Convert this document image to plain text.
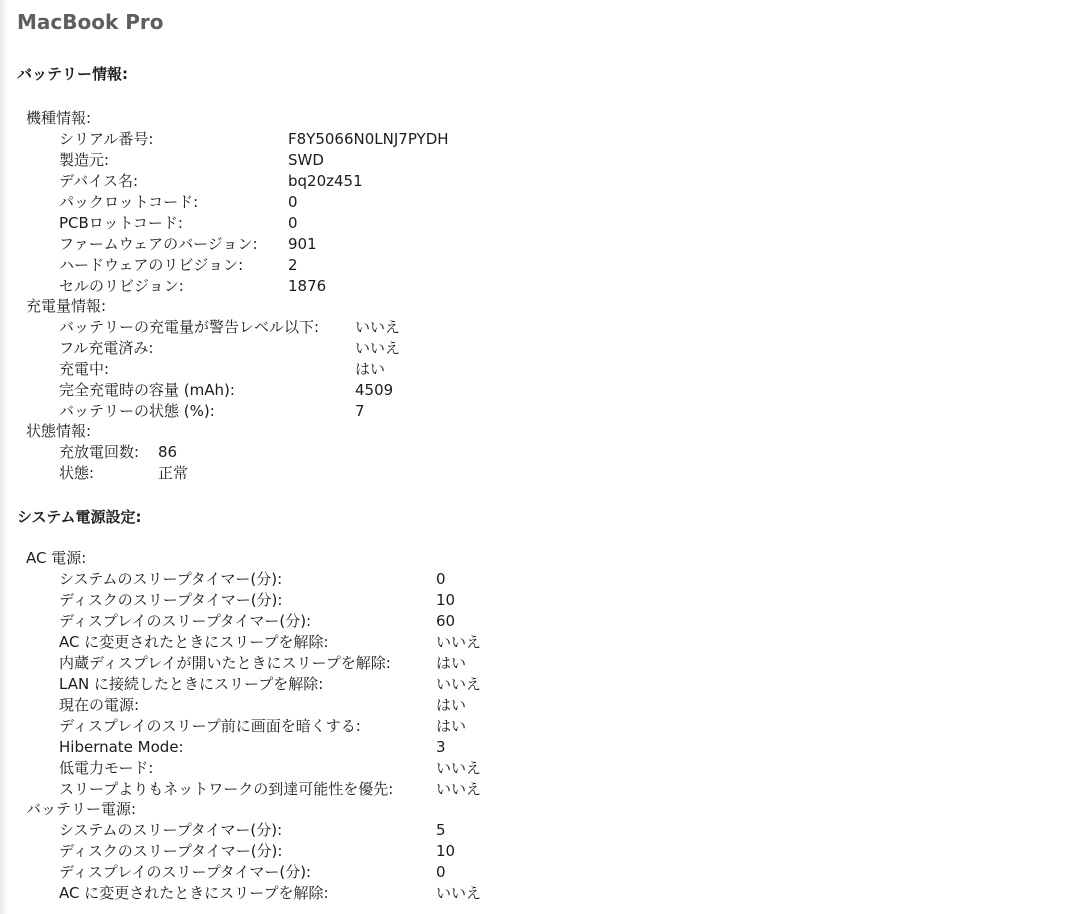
MacBook Pro
バッテリー情報:
機種情報:
シリアル番号:	F8Y5066N0LNJ7PYDH
製造元:	SWD
デバイス名:	bq20z451
パックロットコード:	0
PCBロットコード:	0
ファームウェアのバージョン:	901
ハードウェアのリビジョン:	2
セルのリビジョン:	1876
充電量情報:
バッテリーの充電量が警告レベル以下:	いいえ
フル充電済み:	いいえ
充電中:	はい
完全充電時の容量 (mAh):	4509
バッテリーの状態 (%):	7
状態情報:
充放電回数:	86
状態:	正常
システム電源設定:
AC 電源:
システムのスリープタイマー(分):	0
ディスクのスリープタイマー(分):	10
ディスプレイのスリープタイマー(分):	60
AC に変更されたときにスリープを解除:	いいえ
内蔵ディスプレイが開いたときにスリープを解除:	はい
LAN に接続したときにスリープを解除:	いいえ
現在の電源:	はい
ディスプレイのスリープ前に画面を暗くする:	はい
Hibernate Mode:	3
低電力モード:	いいえ
スリープよりもネットワークの到達可能性を優先:	いいえ
バッテリー電源:
システムのスリープタイマー(分):	5
ディスクのスリープタイマー(分):	10
ディスプレイのスリープタイマー(分):	0
AC に変更されたときにスリープを解除:	いいえ
